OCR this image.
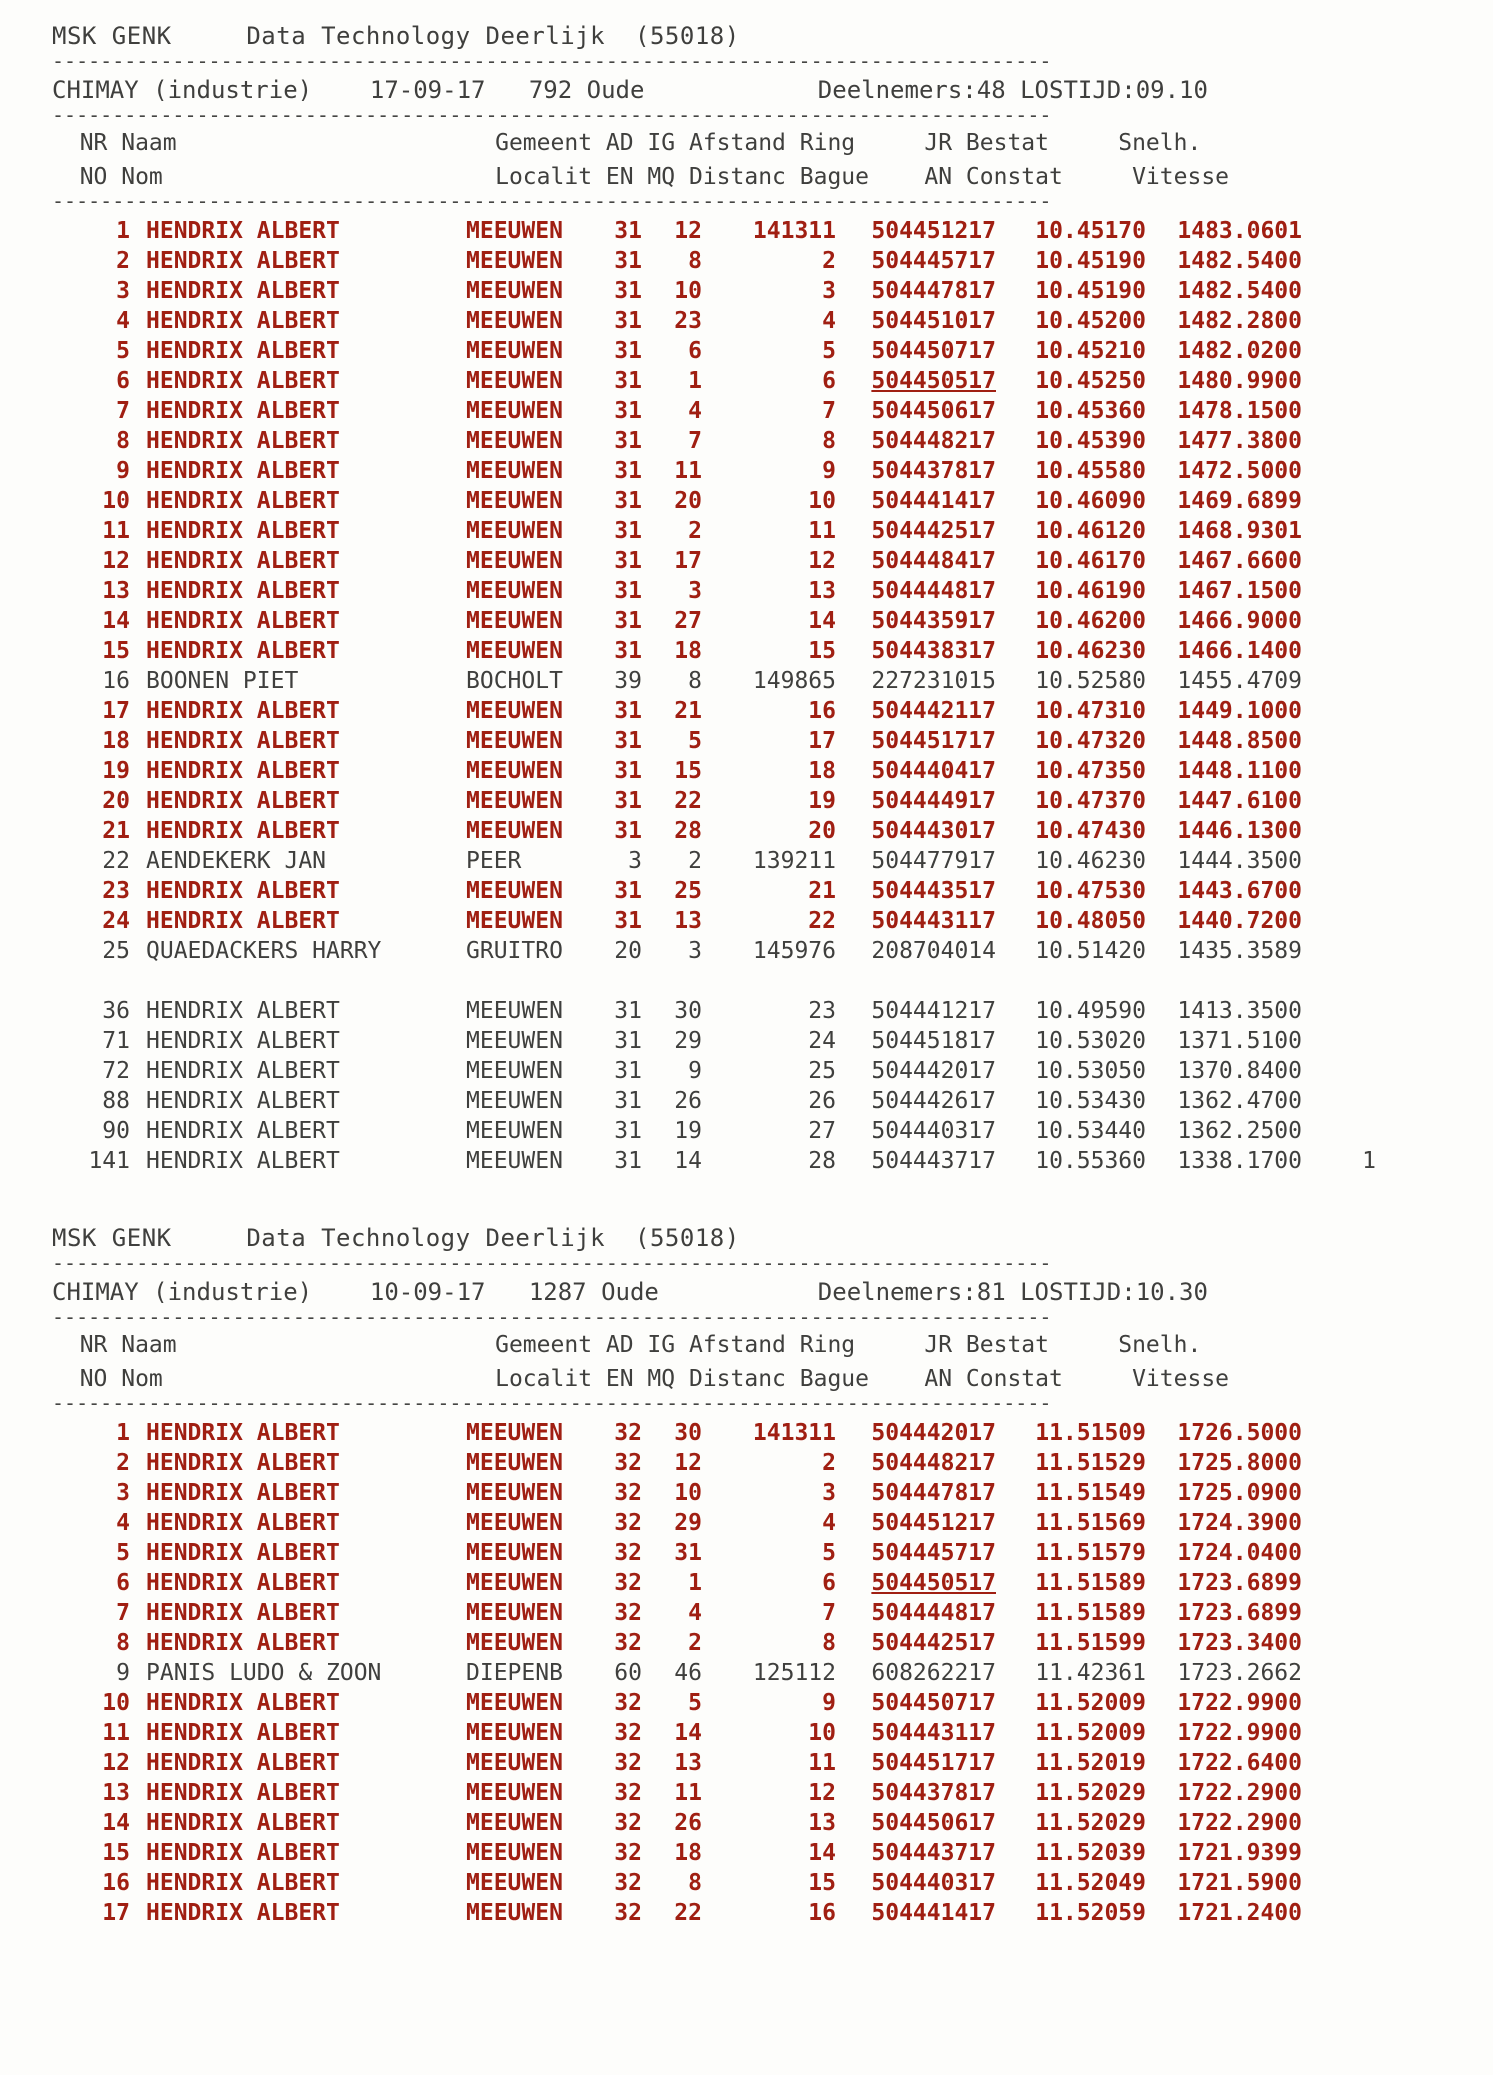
MSK GENK     Data Technology Deerlijk  (55018)
-----------------------------------------------------------------------------------
CHIMAY (industrie)    17-09-17   792 Oude            Deelnemers:48 LOSTIJD:09.10
-----------------------------------------------------------------------------------
NR Naam                       Gemeent AD IG Afstand Ring     JR Bestat     Snelh.
NO Nom                        Localit EN MQ Distanc Bague    AN Constat     Vitesse
-----------------------------------------------------------------------------------
1	HENDRIX ALBERT	MEEUWEN	31	12	141311	504451217	10.45170	1483.0601	
2	HENDRIX ALBERT	MEEUWEN	31	8	2	504445717	10.45190	1482.5400	
3	HENDRIX ALBERT	MEEUWEN	31	10	3	504447817	10.45190	1482.5400	
4	HENDRIX ALBERT	MEEUWEN	31	23	4	504451017	10.45200	1482.2800	
5	HENDRIX ALBERT	MEEUWEN	31	6	5	504450717	10.45210	1482.0200	
6	HENDRIX ALBERT	MEEUWEN	31	1	6	504450517	10.45250	1480.9900	
7	HENDRIX ALBERT	MEEUWEN	31	4	7	504450617	10.45360	1478.1500	
8	HENDRIX ALBERT	MEEUWEN	31	7	8	504448217	10.45390	1477.3800	
9	HENDRIX ALBERT	MEEUWEN	31	11	9	504437817	10.45580	1472.5000	
10	HENDRIX ALBERT	MEEUWEN	31	20	10	504441417	10.46090	1469.6899	
11	HENDRIX ALBERT	MEEUWEN	31	2	11	504442517	10.46120	1468.9301	
12	HENDRIX ALBERT	MEEUWEN	31	17	12	504448417	10.46170	1467.6600	
13	HENDRIX ALBERT	MEEUWEN	31	3	13	504444817	10.46190	1467.1500	
14	HENDRIX ALBERT	MEEUWEN	31	27	14	504435917	10.46200	1466.9000	
15	HENDRIX ALBERT	MEEUWEN	31	18	15	504438317	10.46230	1466.1400	
16	BOONEN PIET	BOCHOLT	39	8	149865	227231015	10.52580	1455.4709	
17	HENDRIX ALBERT	MEEUWEN	31	21	16	504442117	10.47310	1449.1000	
18	HENDRIX ALBERT	MEEUWEN	31	5	17	504451717	10.47320	1448.8500	
19	HENDRIX ALBERT	MEEUWEN	31	15	18	504440417	10.47350	1448.1100	
20	HENDRIX ALBERT	MEEUWEN	31	22	19	504444917	10.47370	1447.6100	
21	HENDRIX ALBERT	MEEUWEN	31	28	20	504443017	10.47430	1446.1300	
22	AENDEKERK JAN	PEER	3	2	139211	504477917	10.46230	1444.3500	
23	HENDRIX ALBERT	MEEUWEN	31	25	21	504443517	10.47530	1443.6700	
24	HENDRIX ALBERT	MEEUWEN	31	13	22	504443117	10.48050	1440.7200	
25	QUAEDACKERS HARRY	GRUITRO	20	3	145976	208704014	10.51420	1435.3589	

36	HENDRIX ALBERT	MEEUWEN	31	30	23	504441217	10.49590	1413.3500	
71	HENDRIX ALBERT	MEEUWEN	31	29	24	504451817	10.53020	1371.5100	
72	HENDRIX ALBERT	MEEUWEN	31	9	25	504442017	10.53050	1370.8400	
88	HENDRIX ALBERT	MEEUWEN	31	26	26	504442617	10.53430	1362.4700	
90	HENDRIX ALBERT	MEEUWEN	31	19	27	504440317	10.53440	1362.2500	
141	HENDRIX ALBERT	MEEUWEN	31	14	28	504443717	10.55360	1338.1700	1
MSK GENK     Data Technology Deerlijk  (55018)
-----------------------------------------------------------------------------------
CHIMAY (industrie)    10-09-17   1287 Oude           Deelnemers:81 LOSTIJD:10.30
-----------------------------------------------------------------------------------
NR Naam                       Gemeent AD IG Afstand Ring     JR Bestat     Snelh.
NO Nom                        Localit EN MQ Distanc Bague    AN Constat     Vitesse
-----------------------------------------------------------------------------------
1	HENDRIX ALBERT	MEEUWEN	32	30	141311	504442017	11.51509	1726.5000	
2	HENDRIX ALBERT	MEEUWEN	32	12	2	504448217	11.51529	1725.8000	
3	HENDRIX ALBERT	MEEUWEN	32	10	3	504447817	11.51549	1725.0900	
4	HENDRIX ALBERT	MEEUWEN	32	29	4	504451217	11.51569	1724.3900	
5	HENDRIX ALBERT	MEEUWEN	32	31	5	504445717	11.51579	1724.0400	
6	HENDRIX ALBERT	MEEUWEN	32	1	6	504450517	11.51589	1723.6899	
7	HENDRIX ALBERT	MEEUWEN	32	4	7	504444817	11.51589	1723.6899	
8	HENDRIX ALBERT	MEEUWEN	32	2	8	504442517	11.51599	1723.3400	
9	PANIS LUDO & ZOON	DIEPENB	60	46	125112	608262217	11.42361	1723.2662	
10	HENDRIX ALBERT	MEEUWEN	32	5	9	504450717	11.52009	1722.9900	
11	HENDRIX ALBERT	MEEUWEN	32	14	10	504443117	11.52009	1722.9900	
12	HENDRIX ALBERT	MEEUWEN	32	13	11	504451717	11.52019	1722.6400	
13	HENDRIX ALBERT	MEEUWEN	32	11	12	504437817	11.52029	1722.2900	
14	HENDRIX ALBERT	MEEUWEN	32	26	13	504450617	11.52029	1722.2900	
15	HENDRIX ALBERT	MEEUWEN	32	18	14	504443717	11.52039	1721.9399	
16	HENDRIX ALBERT	MEEUWEN	32	8	15	504440317	11.52049	1721.5900	
17	HENDRIX ALBERT	MEEUWEN	32	22	16	504441417	11.52059	1721.2400	
